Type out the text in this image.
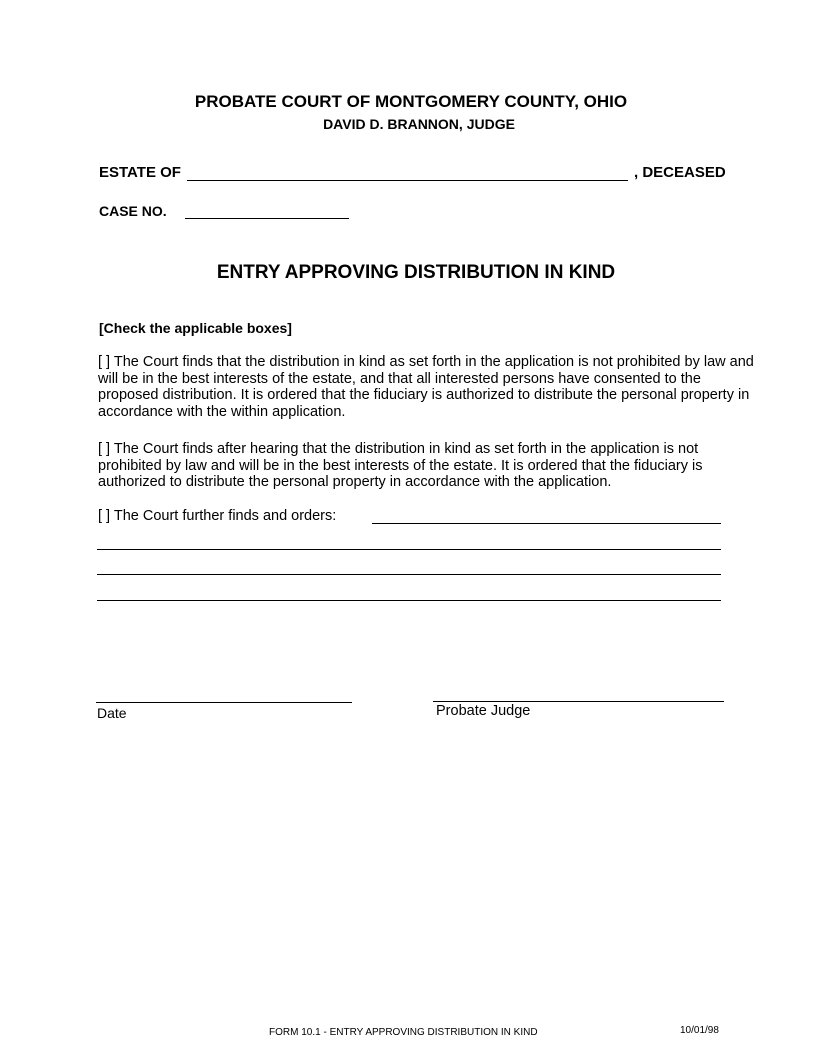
PROBATE COURT OF MONTGOMERY COUNTY, OHIO
DAVID D. BRANNON, JUDGE
ESTATE OF	, DECEASED
CASE NO.
ENTRY APPROVING DISTRIBUTION IN KIND
[Check the applicable boxes]
[ ] The Court finds that the distribution in kind as set forth in the application is not prohibited by law and will be in the best interests of the estate, and that all interested persons have consented to the proposed distribution. It is ordered that the fiduciary is authorized to distribute the personal property in accordance with the within application.
[ ] The Court finds after hearing that the distribution in kind as set forth in the application is not prohibited by law and will be in the best interests of the estate. It is ordered that the fiduciary is authorized to distribute the personal property in accordance with the application.
[ ] The Court further finds and orders:
Date	Probate Judge
FORM 10.1 - ENTRY APPROVING DISTRIBUTION IN KIND	10/01/98
